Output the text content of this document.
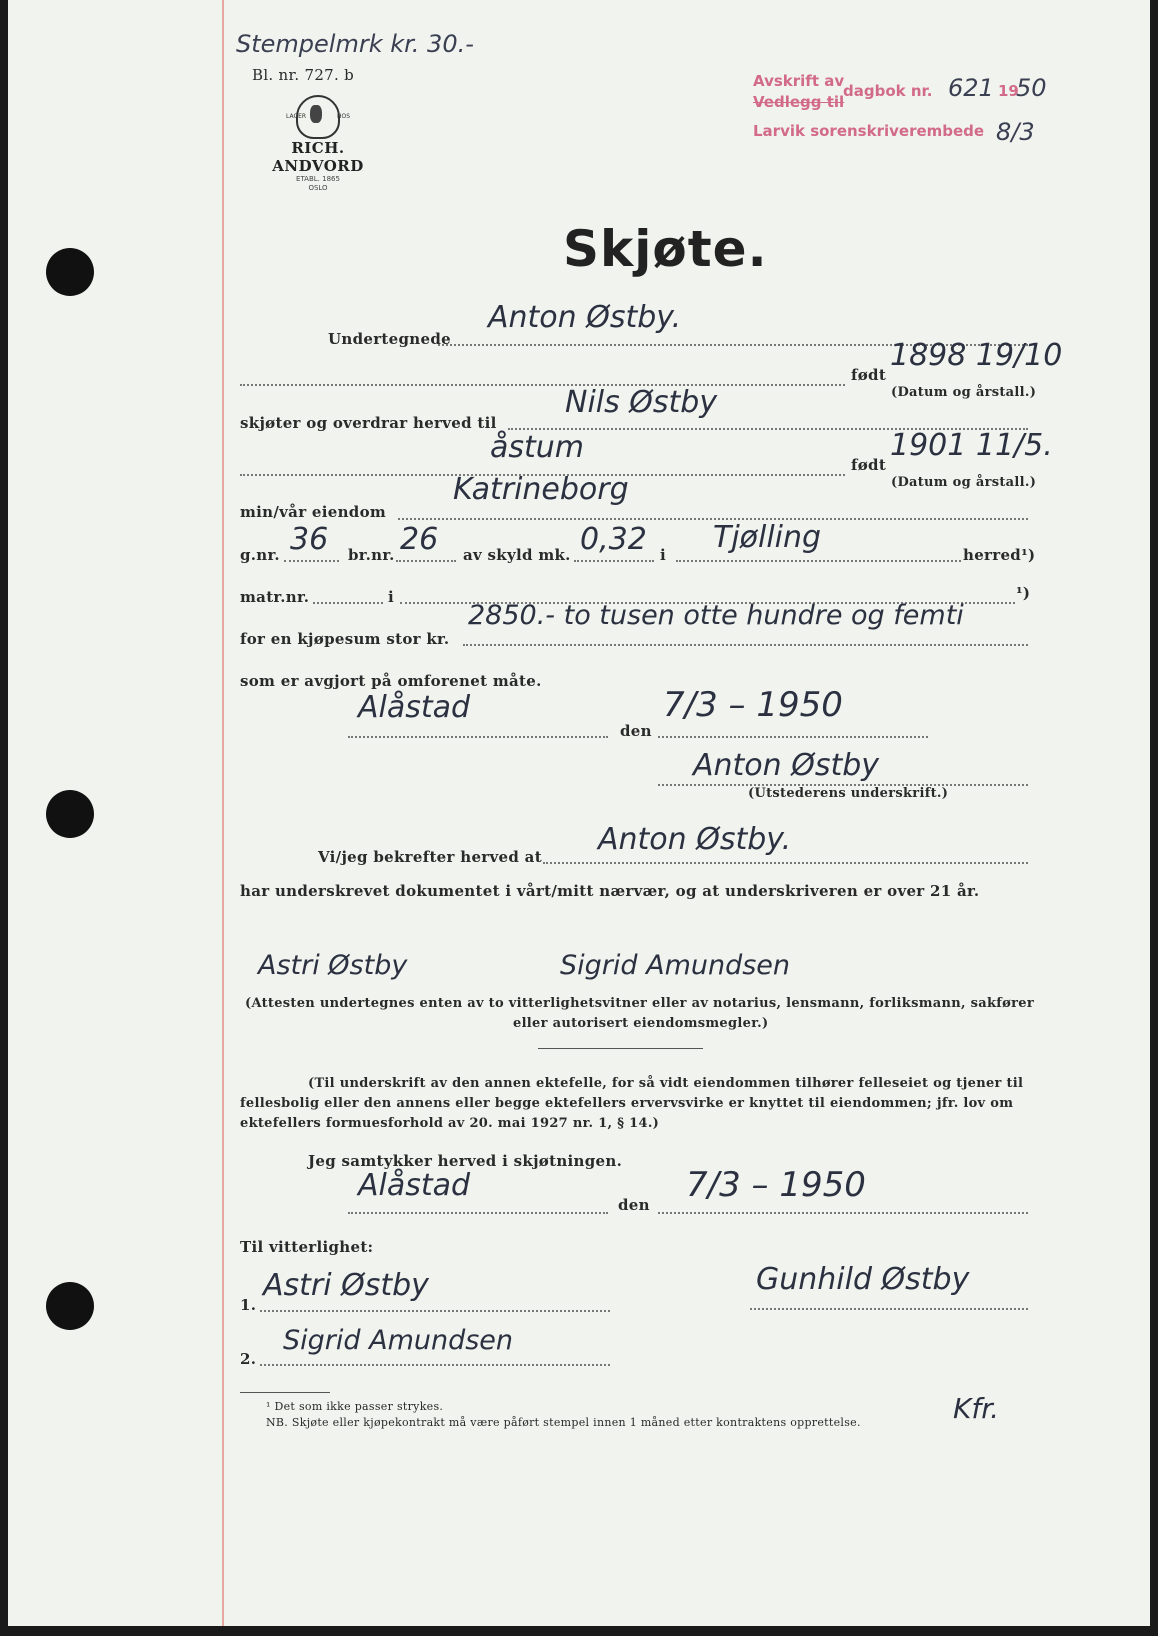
Stempelmrk kr. 30.-
Bl. nr. 727. b
LAGER	HOS
RICH. ANDVORD
ETABL. 1865
OSLO
Avskrift av
dagbok nr. 621 19
50
Vedlegg til
Larvik sorenskriverembede 8/3
Skjøte.
Undertegnede
Anton Østby.
født
1898 19/10
(Datum og årstall.)
skjøter og overdrar herved til
Nils Østby
åstum	født
1901 11/5.
(Datum og årstall.)
min/vår eiendom
Katrineborg
g.nr. 36 br.nr. 26 av skyld mk. 0,32 i Tjølling	herred¹)
matr.nr.	i	¹)
for en kjøpesum stor kr.
2850.- to tusen otte hundre og femti
som er avgjort på omforenet måte.
Alåstad
den
7/3 – 1950
Anton Østby
(Utstederens underskrift.)
Vi/jeg bekrefter herved at Anton Østby.
har underskrevet dokumentet i vårt/mitt nærvær, og at underskriveren er over 21 år.
Astri Østby	Sigrid Amundsen
(Attesten undertegnes enten av to vitterlighetsvitner eller av notarius, lensmann, forliksmann, sakfører
eller autorisert eiendomsmegler.)
(Til underskrift av den annen ektefelle, for så vidt eiendommen tilhører felleseiet og tjener til
fellesbolig eller den annens eller begge ektefellers ervervsvirke er knyttet til eiendommen; jfr. lov om
ektefellers formuesforhold av 20. mai 1927 nr. 1, § 14.)
Jeg samtykker herved i skjøtningen.
Alåstad
den 7/3 – 1950
Til vitterlighet:
1.
Astri Østby	Gunhild Østby
2.
Sigrid Amundsen
¹ Det som ikke passer strykes.
NB. Skjøte eller kjøpekontrakt må være påført stempel innen 1 måned etter kontraktens opprettelse.	Kfr.
